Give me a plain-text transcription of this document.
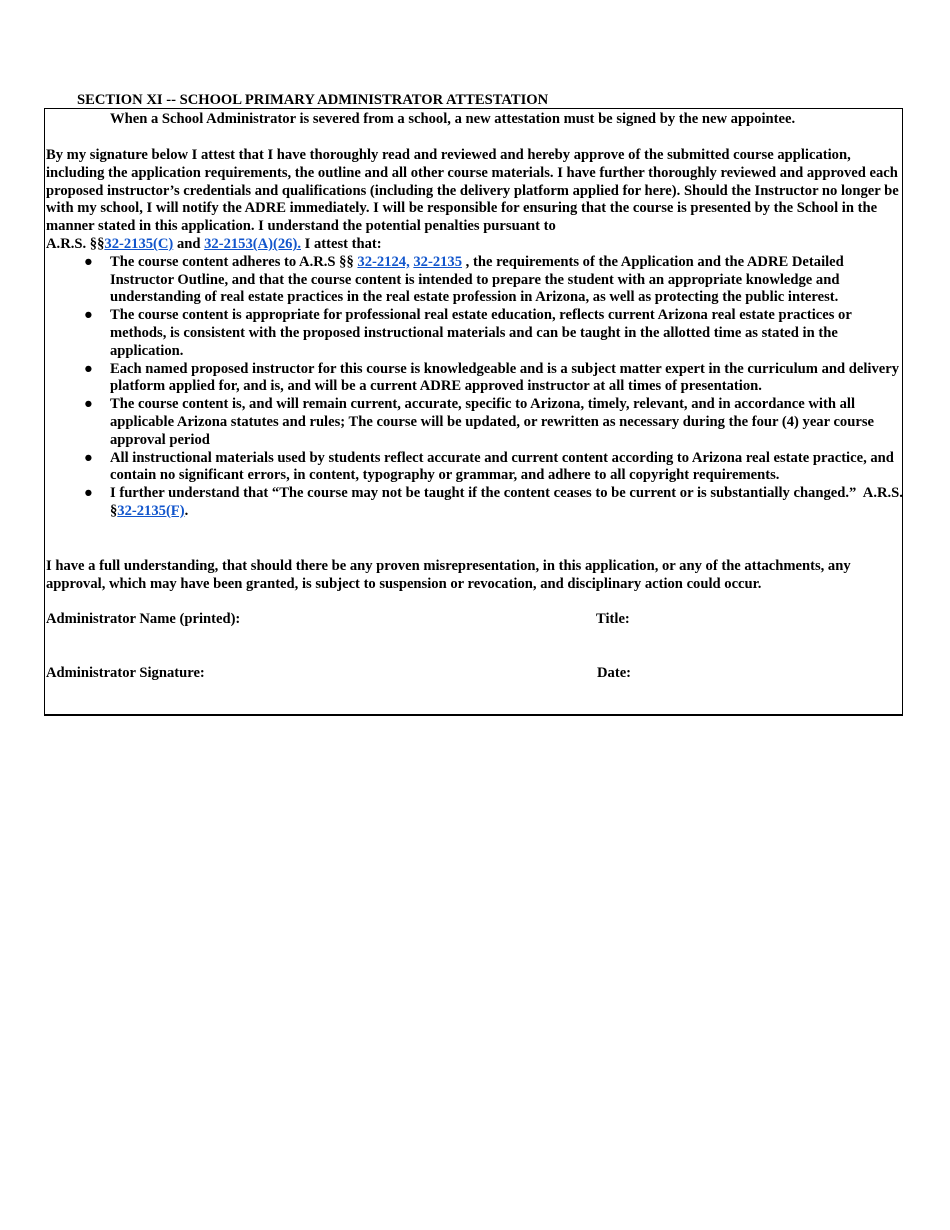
SECTION XI -- SCHOOL PRIMARY ADMINISTRATOR ATTESTATION
When a School Administrator is severed from a school, a new attestation must be signed by the new appointee.

By my signature below I attest that I have thoroughly read and reviewed and hereby approve of the submitted course application, including the application requirements, the outline and all other course materials. I have further thoroughly reviewed and approved each proposed instructor’s credentials and qualifications (including the delivery platform applied for here). Should the Instructor no longer be with my school, I will notify the ADRE immediately. I will be responsible for ensuring that the course is presented by the School in the manner stated in this application. I understand the potential penalties pursuant to
A.R.S. §§32-2135(C) and 32-2153(A)(26). I attest that:

● The course content adheres to A.R.S §§ 32-2124, 32-2135 , the requirements of the Application and the ADRE Detailed Instructor Outline, and that the course content is intended to prepare the student with an appropriate knowledge and understanding of real estate practices in the real estate profession in Arizona, as well as protecting the public interest.
● The course content is appropriate for professional real estate education, reflects current Arizona real estate practices or methods, is consistent with the proposed instructional materials and can be taught in the allotted time as stated in the application.
● Each named proposed instructor for this course is knowledgeable and is a subject matter expert in the curriculum and delivery platform applied for, and is, and will be a current ADRE approved instructor at all times of presentation.
● The course content is, and will remain current, accurate, specific to Arizona, timely, relevant, and in accordance with all applicable Arizona statutes and rules; The course will be updated, or rewritten as necessary during the four (4) year course approval period
● All instructional materials used by students reflect accurate and current content according to Arizona real estate practice, and contain no significant errors, in content, typography or grammar, and adhere to all copyright requirements.
● I further understand that “The course may not be taught if the content ceases to be current or is substantially changed.”  A.R.S. §32-2135(F).
I have a full understanding, that should there be any proven misrepresentation, in this application, or any of the attachments, any approval, which may have been granted, is subject to suspension or revocation, and disciplinary action could occur.
Administrator Name (printed):	Title:
Administrator Signature:	Date:
